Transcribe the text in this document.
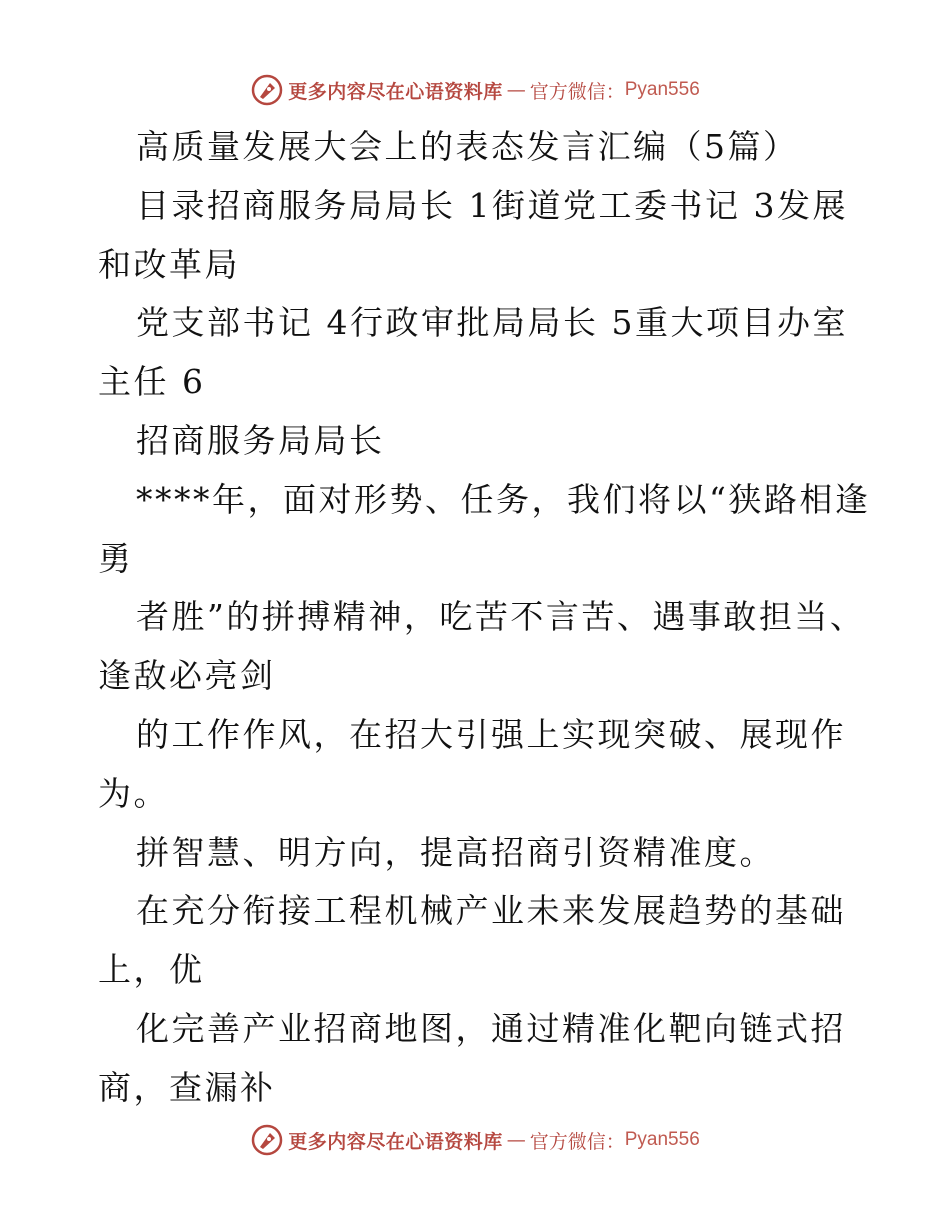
更多内容尽在心语资料库 — 官方微信： Pyan556
高质量发展大会上的表态发言汇编（5篇）
目录招商服务局局长 1街道党工委书记 3发展
和改革局
党支部书记 4行政审批局局长 5重大项目办室
主任 6
招商服务局局长
****年，面对形势、任务，我们将以“狭路相逢
勇
者胜”的拼搏精神，吃苦不言苦、遇事敢担当、
逢敌必亮剑
的工作作风，在招大引强上实现突破、展现作
为。
拼智慧、明方向，提高招商引资精准度。
在充分衔接工程机械产业未来发展趋势的基础
上，优
化完善产业招商地图，通过精准化靶向链式招
商，查漏补
更多内容尽在心语资料库 — 官方微信： Pyan556
